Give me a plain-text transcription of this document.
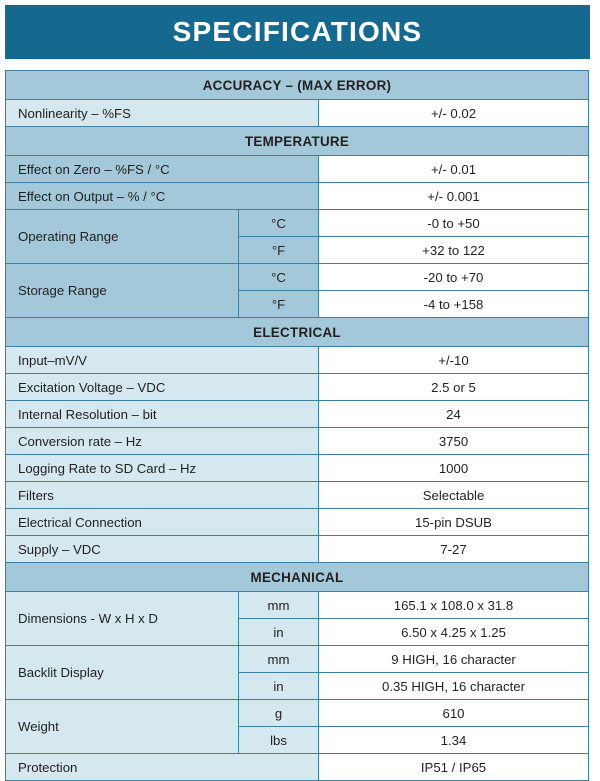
SPECIFICATIONS
ACCURACY – (MAX ERROR)		
Nonlinearity – %FS		+/- 0.02
TEMPERATURE		
Effect on Zero – %FS / °C		+/- 0.01
Effect on Output – % / °C		+/- 0.001
Operating Range	°C	-0 to +50
	°F	+32 to 122
Storage Range	°C	-20 to +70
	°F	-4 to +158
ELECTRICAL		
Input–mV/V		+/-10
Excitation Voltage – VDC		2.5 or 5
Internal Resolution – bit		24
Conversion rate – Hz		3750
Logging Rate to SD Card – Hz		1000
Filters		Selectable
Electrical Connection		15-pin DSUB
Supply – VDC		7-27
MECHANICAL		
Dimensions - W x H x D	mm	165.1 x 108.0 x 31.8
	in	6.50 x 4.25 x 1.25
Backlit Display	mm	9 HIGH, 16 character
	in	0.35 HIGH, 16 character
Weight	g	610
	lbs	1.34
Protection		IP51 / IP65
